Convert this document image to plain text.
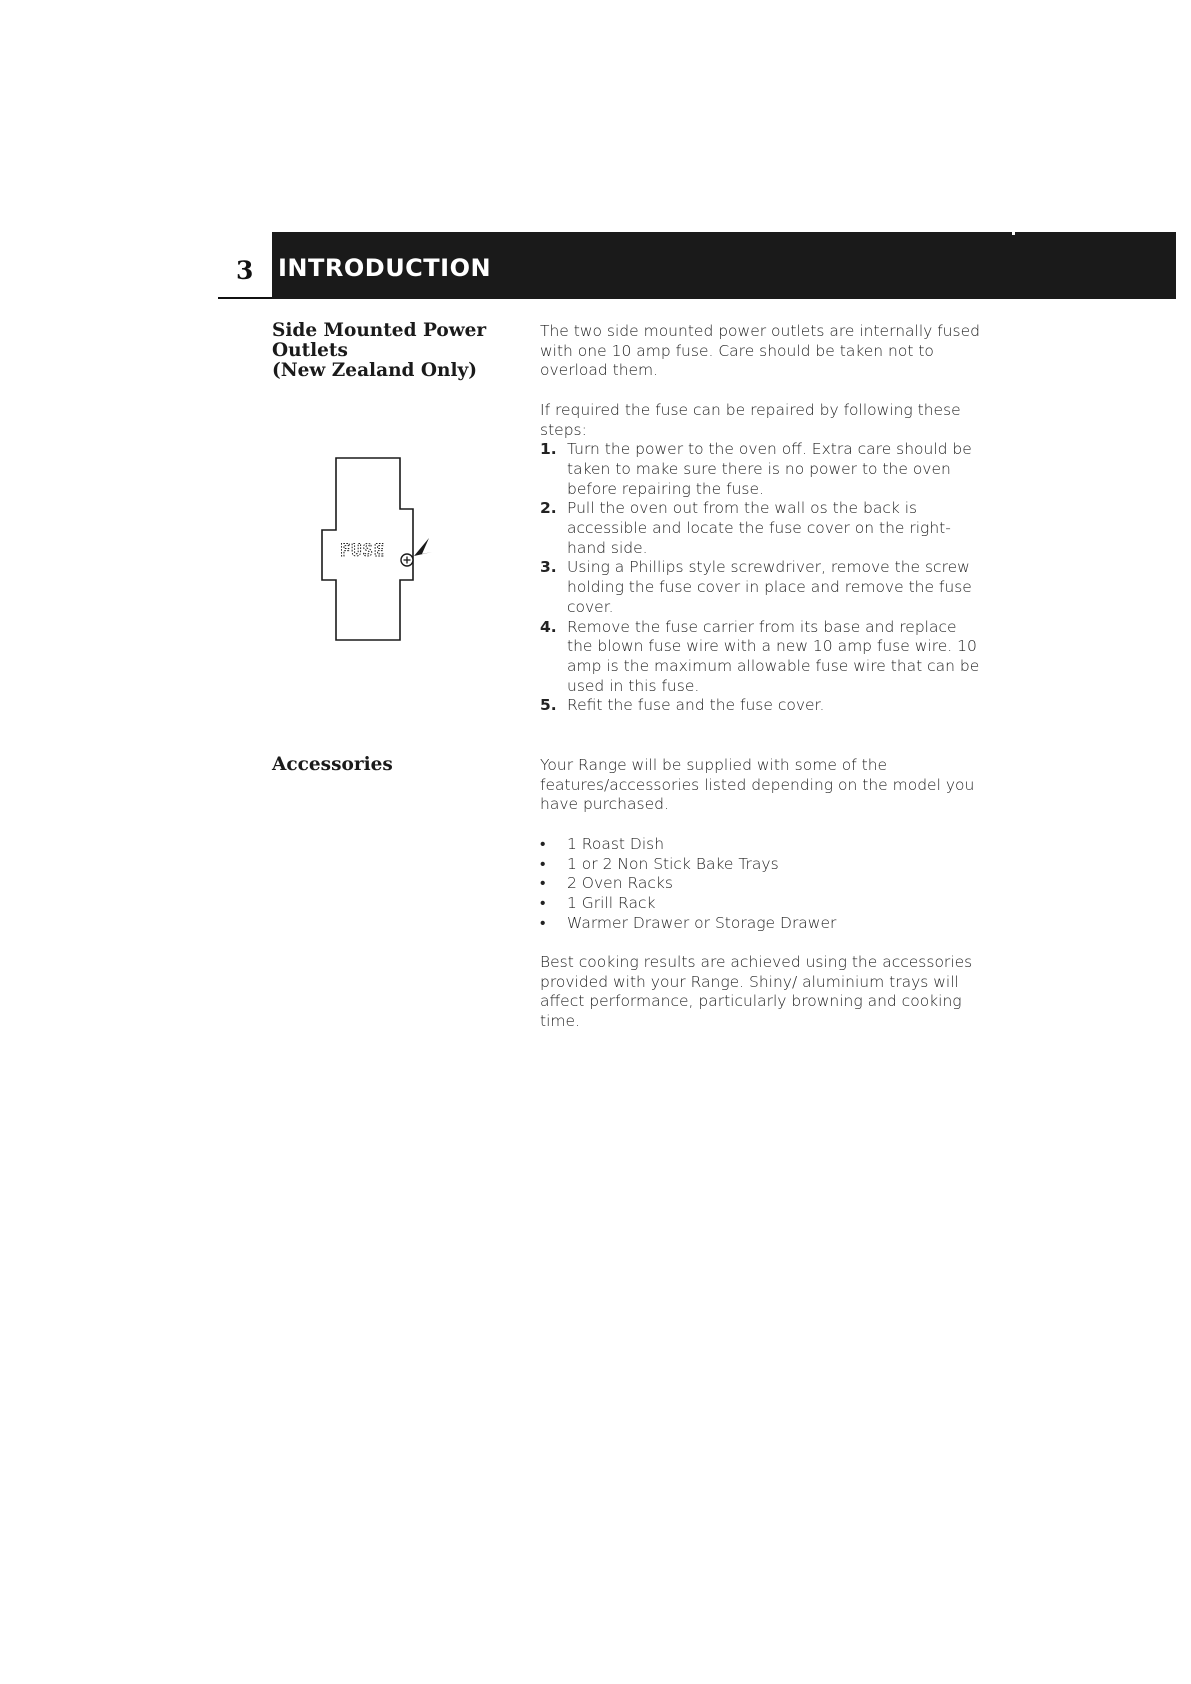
3 INTRODUCTION
Side Mounted Power
Outlets
(New Zealand Only)
FUSE

The two side mounted power outlets are internally fused with one 10 amp fuse. Care should be taken not to overload them.

If required the fuse can be repaired by following these steps:

1. Turn the power to the oven off. Extra care should be taken to make sure there is no power to the oven before repairing the fuse.
2. Pull the oven out from the wall os the back is accessible and locate the fuse cover on the right-hand side.
3. Using a Phillips style screwdriver, remove the screw holding the fuse cover in place and remove the fuse cover.
4. Remove the fuse carrier from its base and replace the blown fuse wire with a new 10 amp fuse wire. 10 amp is the maximum allowable fuse wire that can be used in this fuse.
5. Refit the fuse and the fuse cover.
Accessories	Your Range will be supplied with some of the features/accessories listed depending on the model you have purchased.

• 1 Roast Dish
• 1 or 2 Non Stick Bake Trays
• 2 Oven Racks
• 1 Grill Rack
• Warmer Drawer or Storage Drawer

Best cooking results are achieved using the accessories provided with your Range. Shiny/ aluminium trays will affect performance, particularly browning and cooking time.
